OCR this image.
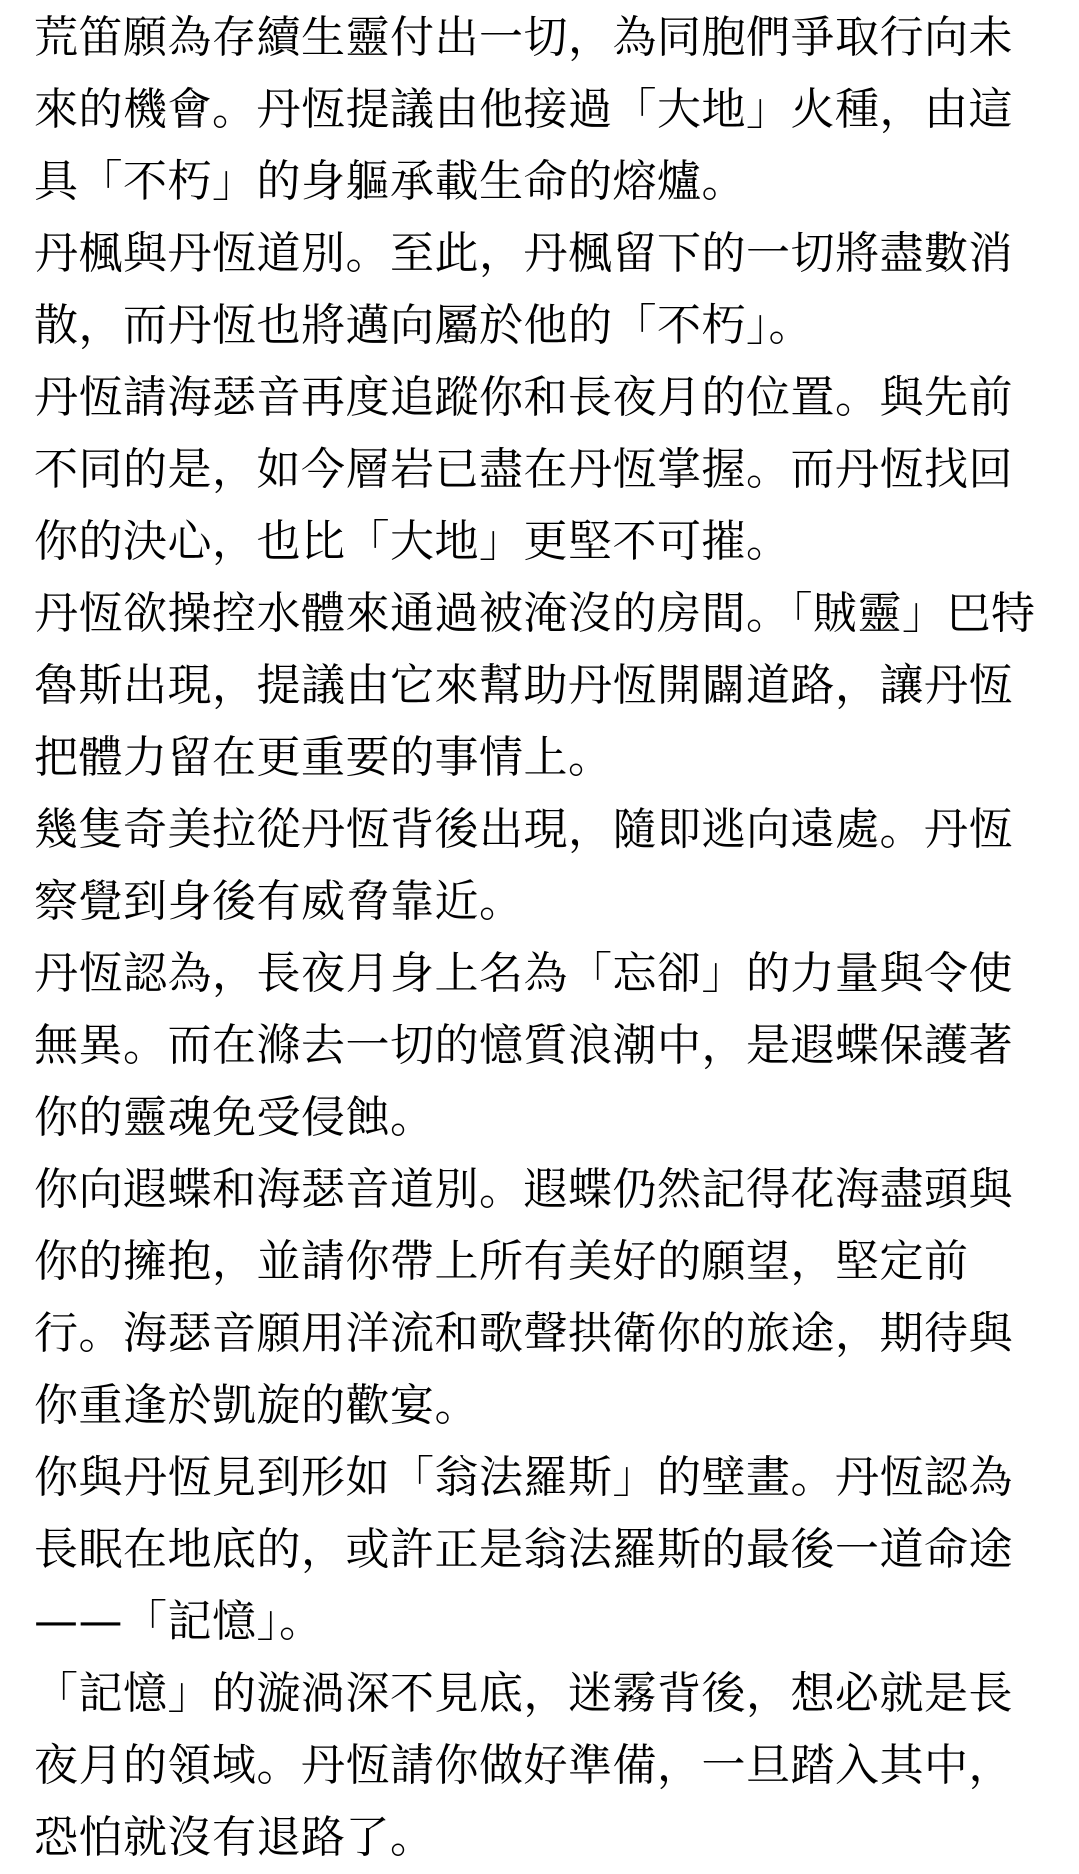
荒笛願為存續生靈付出一切，為同胞們爭取行向未來的機會。丹恆提議由他接過「大地」火種，由這具「不朽」的身軀承載生命的熔爐。

丹楓與丹恆道別。至此，丹楓留下的一切將盡數消散，而丹恆也將邁向屬於他的「不朽」。

丹恆請海瑟音再度追蹤你和長夜月的位置。與先前不同的是，如今層岩已盡在丹恆掌握。而丹恆找回你的決心，也比「大地」更堅不可摧。

丹恆欲操控水體來通過被淹沒的房間。「賊靈」巴特魯斯出現，提議由它來幫助丹恆開闢道路，讓丹恆把體力留在更重要的事情上。

幾隻奇美拉從丹恆背後出現，隨即逃向遠處。丹恆察覺到身後有威脅靠近。

丹恆認為，長夜月身上名為「忘卻」的力量與令使無異。而在滌去一切的憶質浪潮中，是遐蝶保護著你的靈魂免受侵蝕。

你向遐蝶和海瑟音道別。遐蝶仍然記得花海盡頭與你的擁抱，並請你帶上所有美好的願望，堅定前行。海瑟音願用洋流和歌聲拱衛你的旅途，期待與你重逢於凱旋的歡宴。

你與丹恆見到形如「翁法羅斯」的壁畫。丹恆認為長眠在地底的，或許正是翁法羅斯的最後一道命途——「記憶」。

「記憶」的漩渦深不見底，迷霧背後，想必就是長夜月的領域。丹恆請你做好準備，一旦踏入其中，恐怕就沒有退路了。
